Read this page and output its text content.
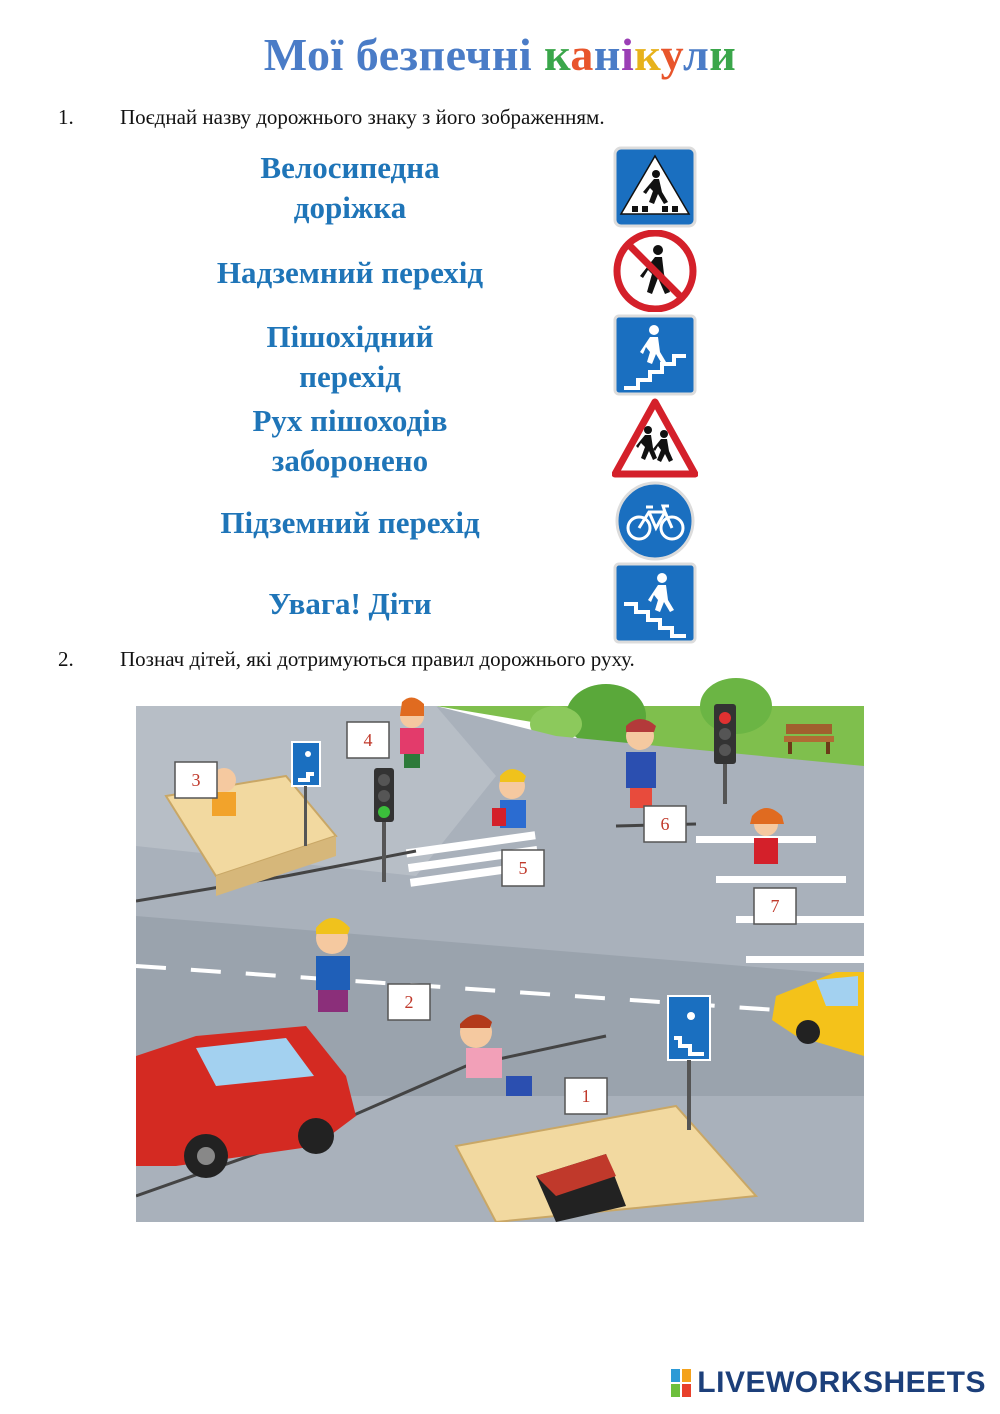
Мої безпечні канікули
1. Поєднай назву дорожнього знаку з його зображенням.
Велосипедна
доріжка
Надземний перехід
Пішохідний
перехід
Рух пішоходів
заборонено
Підземний перехід
Увага! Діти
2. Познач дітей, які дотримуються правил дорожнього руху.
1
2
3
4
5
6
7
LIVEWORKSHEETS
